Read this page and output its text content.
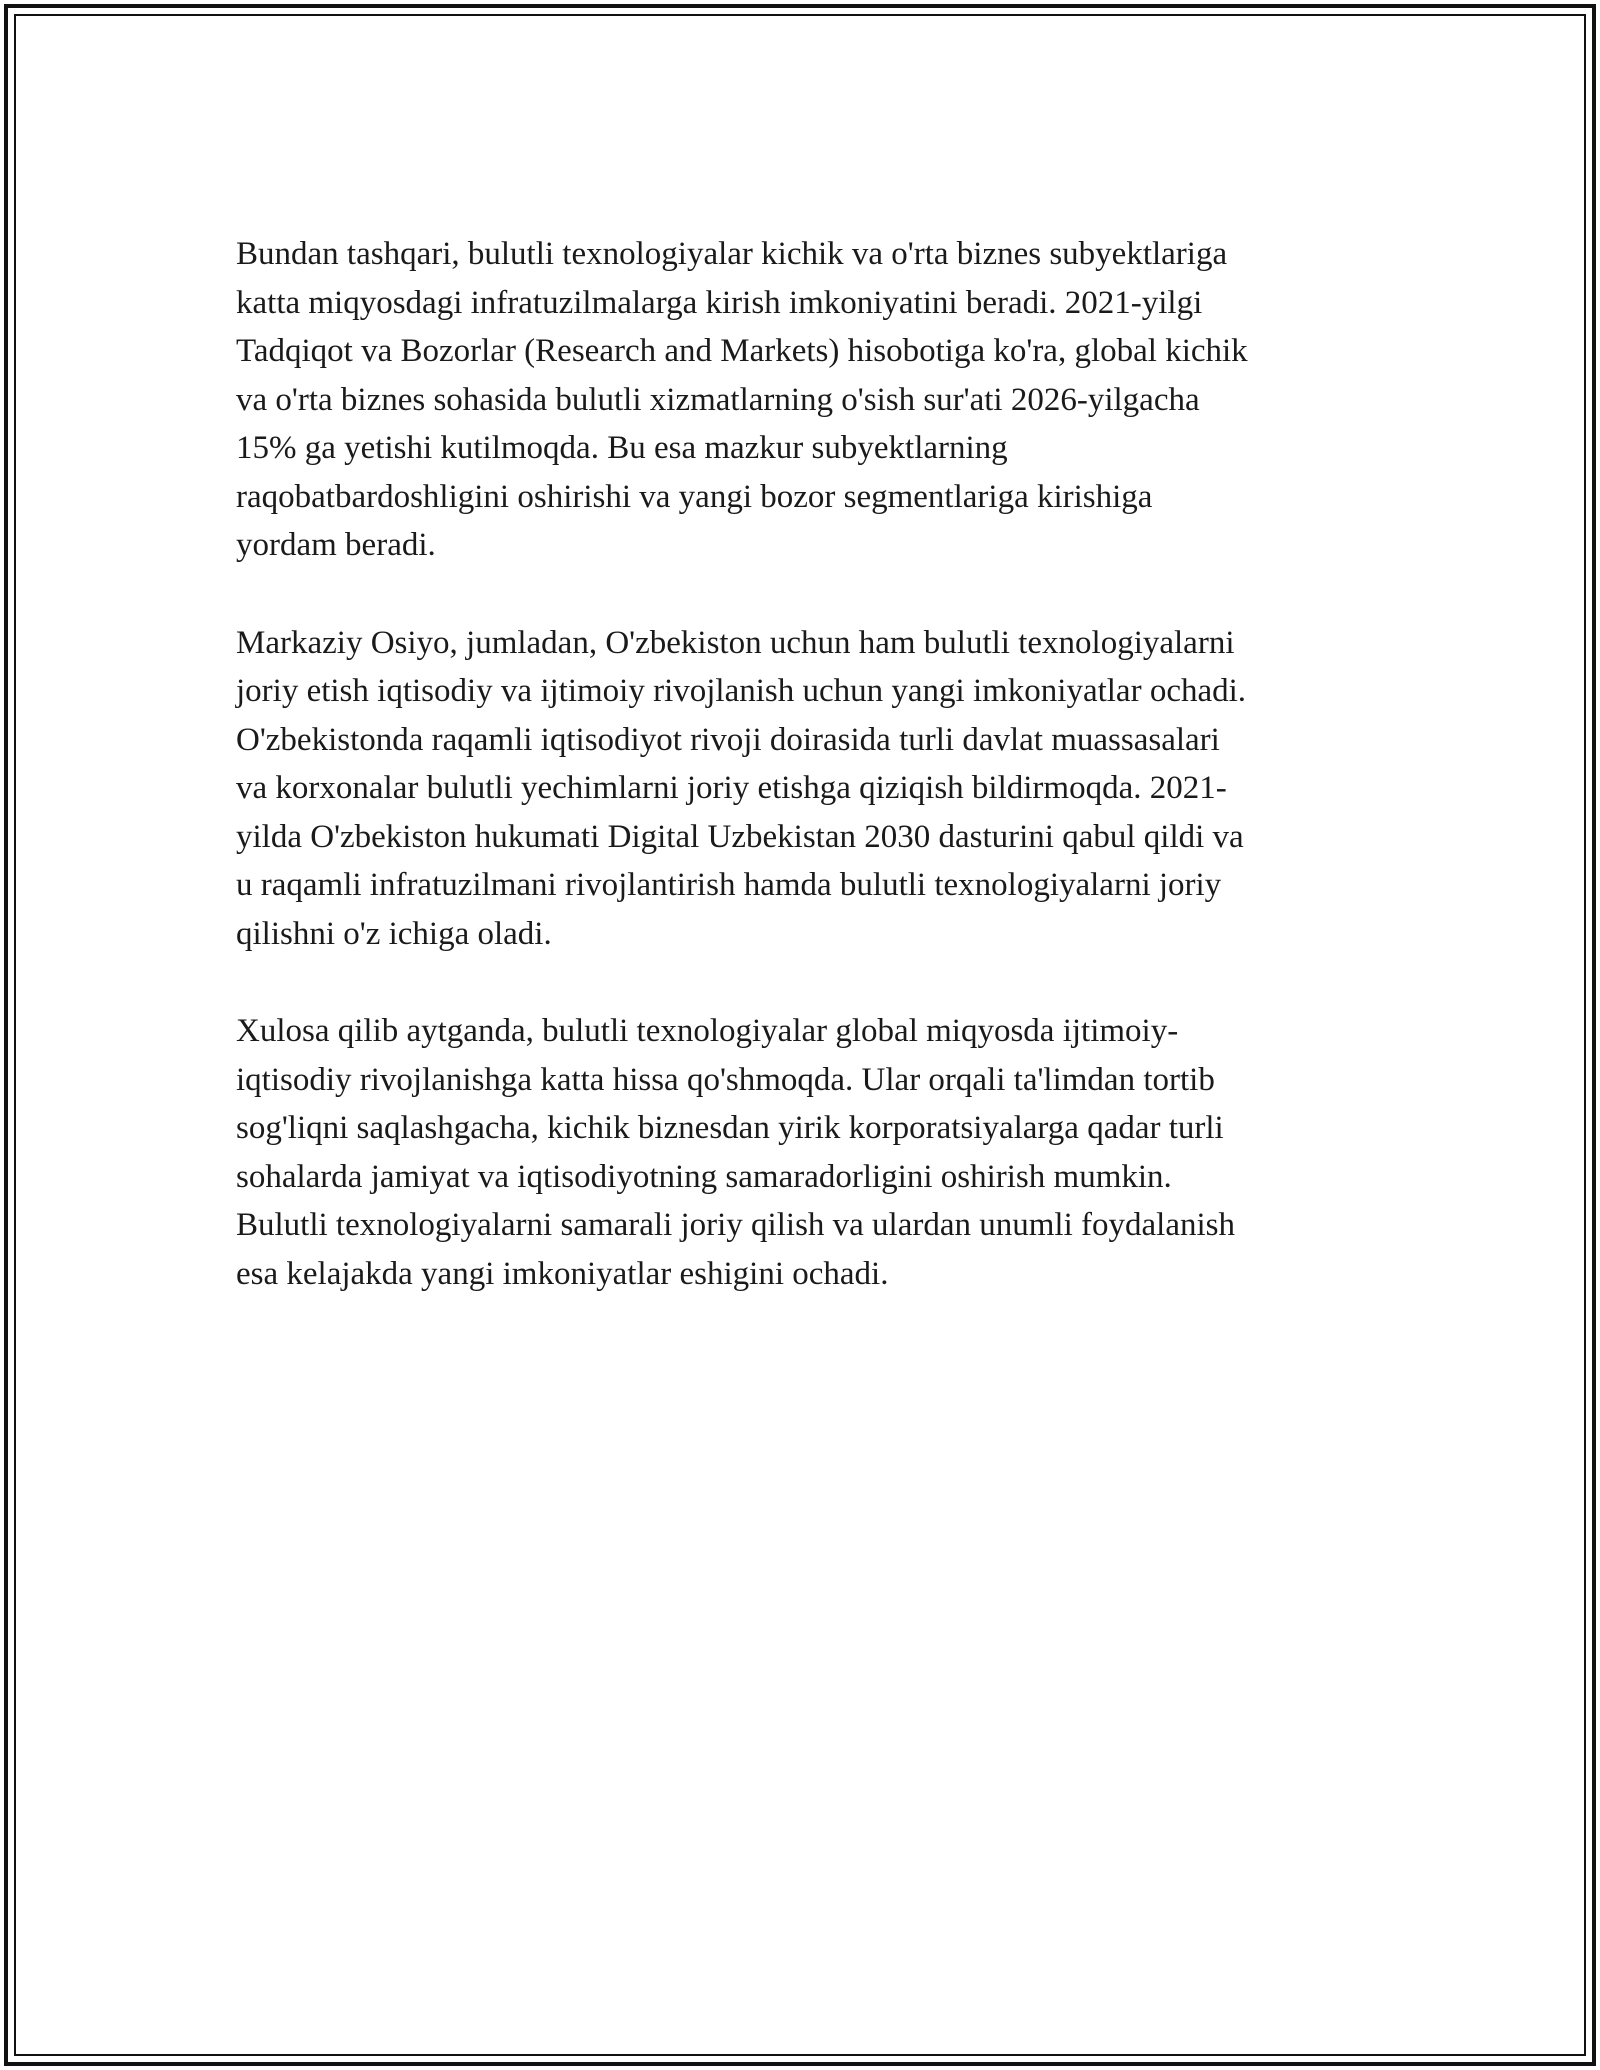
Bundan tashqari, bulutli texnologiyalar kichik va o'rta biznes subyektlariga
katta miqyosdagi infratuzilmalarga kirish imkoniyatini beradi. 2021-yilgi
Tadqiqot va Bozorlar (Research and Markets) hisobotiga ko'ra, global kichik
va o'rta biznes sohasida bulutli xizmatlarning o'sish sur'ati 2026-yilgacha
15% ga yetishi kutilmoqda. Bu esa mazkur subyektlarning
raqobatbardoshligini oshirishi va yangi bozor segmentlariga kirishiga
yordam beradi.

Markaziy Osiyo, jumladan, O'zbekiston uchun ham bulutli texnologiyalarni
joriy etish iqtisodiy va ijtimoiy rivojlanish uchun yangi imkoniyatlar ochadi.
O'zbekistonda raqamli iqtisodiyot rivoji doirasida turli davlat muassasalari
va korxonalar bulutli yechimlarni joriy etishga qiziqish bildirmoqda. 2021-
yilda O'zbekiston hukumati Digital Uzbekistan 2030 dasturini qabul qildi va
u raqamli infratuzilmani rivojlantirish hamda bulutli texnologiyalarni joriy
qilishni o'z ichiga oladi.

Xulosa qilib aytganda, bulutli texnologiyalar global miqyosda ijtimoiy-
iqtisodiy rivojlanishga katta hissa qo'shmoqda. Ular orqali ta'limdan tortib
sog'liqni saqlashgacha, kichik biznesdan yirik korporatsiyalarga qadar turli
sohalarda jamiyat va iqtisodiyotning samaradorligini oshirish mumkin.
Bulutli texnologiyalarni samarali joriy qilish va ulardan unumli foydalanish
esa kelajakda yangi imkoniyatlar eshigini ochadi.
